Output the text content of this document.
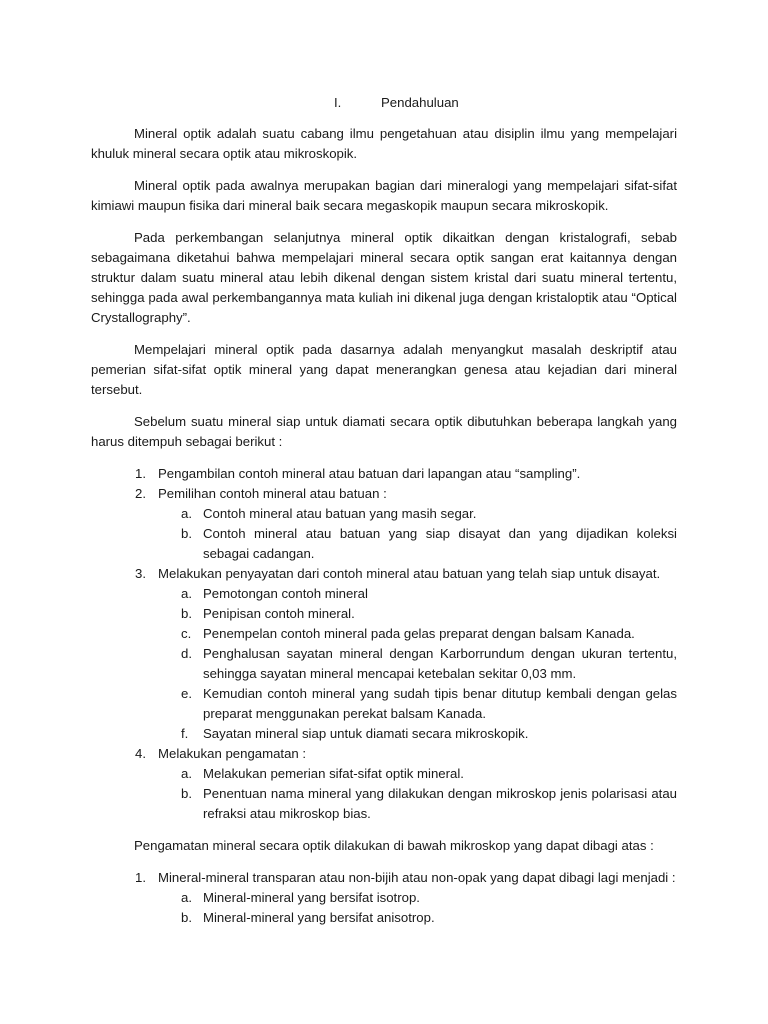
I.	Pendahuluan

Mineral optik adalah suatu cabang ilmu pengetahuan atau disiplin ilmu yang mempelajari khuluk mineral secara optik atau mikroskopik.

Mineral optik pada awalnya merupakan bagian dari mineralogi yang mempelajari sifat-sifat kimiawi maupun fisika dari mineral baik secara megaskopik maupun secara mikroskopik.

Pada perkembangan selanjutnya mineral optik dikaitkan dengan kristalografi, sebab sebagaimana diketahui bahwa mempelajari mineral secara optik sangan erat kaitannya dengan struktur dalam suatu mineral atau lebih dikenal dengan sistem kristal dari suatu mineral tertentu, sehingga pada awal perkembangannya mata kuliah ini dikenal juga dengan kristaloptik atau “Optical Crystallography”.

Mempelajari mineral optik pada dasarnya adalah menyangkut masalah deskriptif atau pemerian sifat-sifat optik mineral yang dapat menerangkan genesa atau kejadian dari mineral tersebut.

Sebelum suatu mineral siap untuk diamati secara optik dibutuhkan beberapa langkah yang harus ditempuh sebagai berikut :

1. Pengambilan contoh mineral atau batuan dari lapangan atau “sampling”.
2. Pemilihan contoh mineral atau batuan :
a. Contoh mineral atau batuan yang masih segar.
b. Contoh mineral atau batuan yang siap disayat dan yang dijadikan koleksi sebagai cadangan.
3. Melakukan penyayatan dari contoh mineral atau batuan yang telah siap untuk disayat.
a. Pemotongan contoh mineral
b. Penipisan contoh mineral.
c. Penempelan contoh mineral pada gelas preparat dengan balsam Kanada.
d. Penghalusan sayatan mineral dengan Karborrundum dengan ukuran tertentu, sehingga sayatan mineral mencapai ketebalan sekitar 0,03 mm.
e. Kemudian contoh mineral yang sudah tipis benar ditutup kembali dengan gelas preparat menggunakan perekat balsam Kanada.
f. Sayatan mineral siap untuk diamati secara mikroskopik.
4. Melakukan pengamatan :
a. Melakukan pemerian sifat-sifat optik mineral.
b. Penentuan nama mineral yang dilakukan dengan mikroskop jenis polarisasi atau refraksi atau mikroskop bias.

Pengamatan mineral secara optik dilakukan di bawah mikroskop yang dapat dibagi atas :

1. Mineral-mineral transparan atau non-bijih atau non-opak yang dapat dibagi lagi menjadi :
a. Mineral-mineral yang bersifat isotrop.
b. Mineral-mineral yang bersifat anisotrop.
